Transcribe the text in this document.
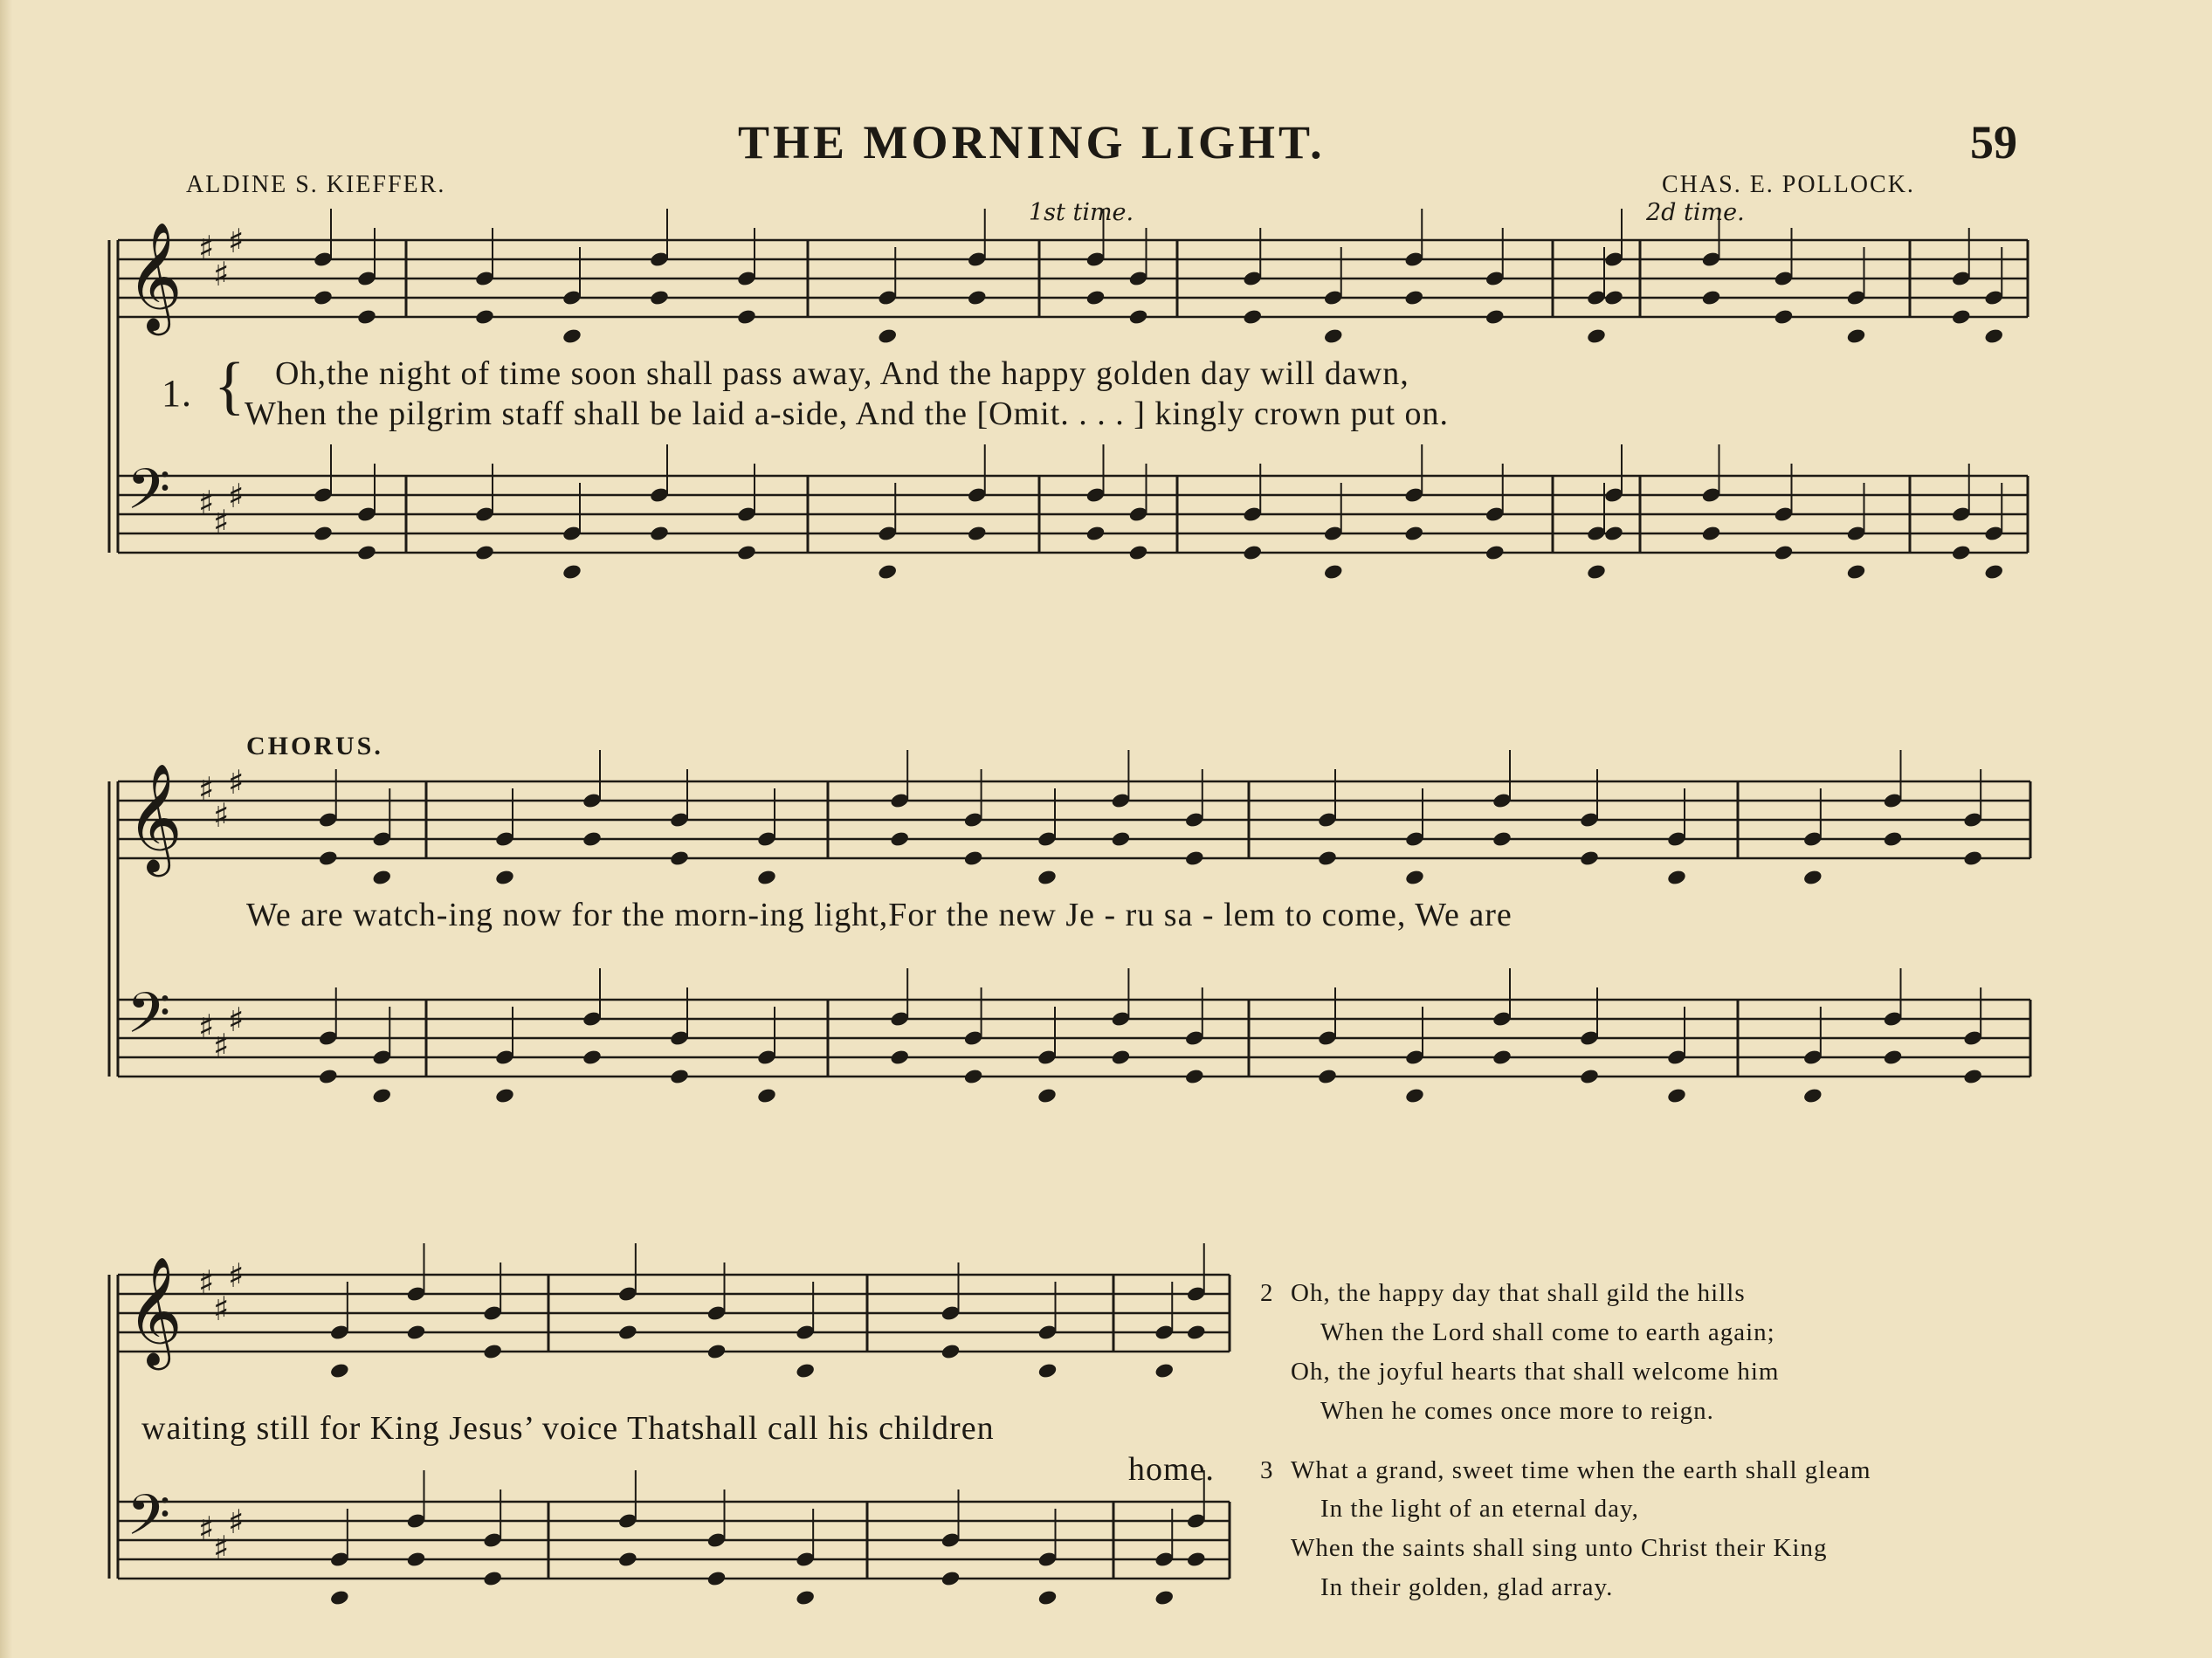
THE MORNING LIGHT.	59
ALDINE S. KIEFFER.	CHAS. E. POLLOCK.
1st time.	2d time.
𝄞 ♯
♯
♯
𝄢 ♯
♯
♯
𝄞 ♯
♯
♯
𝄢 ♯
♯
♯
𝄞 ♯
♯
♯
𝄢 ♯
♯
♯
1. { Oh,the night of time soon shall pass away, And the happy golden day will dawn,
When the pilgrim staff shall be laid a-side, And the [Omit. . . . ] kingly crown put on.
CHORUS.
We are watch-ing now for the morn-ing light,For the new Je - ru sa - lem to come, We are
waiting still for King Jesus’ voice Thatshall call his children
home.
2 Oh, the happy day that shall gild the hills
When the Lord shall come to earth again;
Oh, the joyful hearts that shall welcome him
When he comes once more to reign.
3 What a grand, sweet time when the earth shall gleam
In the light of an eternal day,
When the saints shall sing unto Christ their King
In their golden, glad array.
